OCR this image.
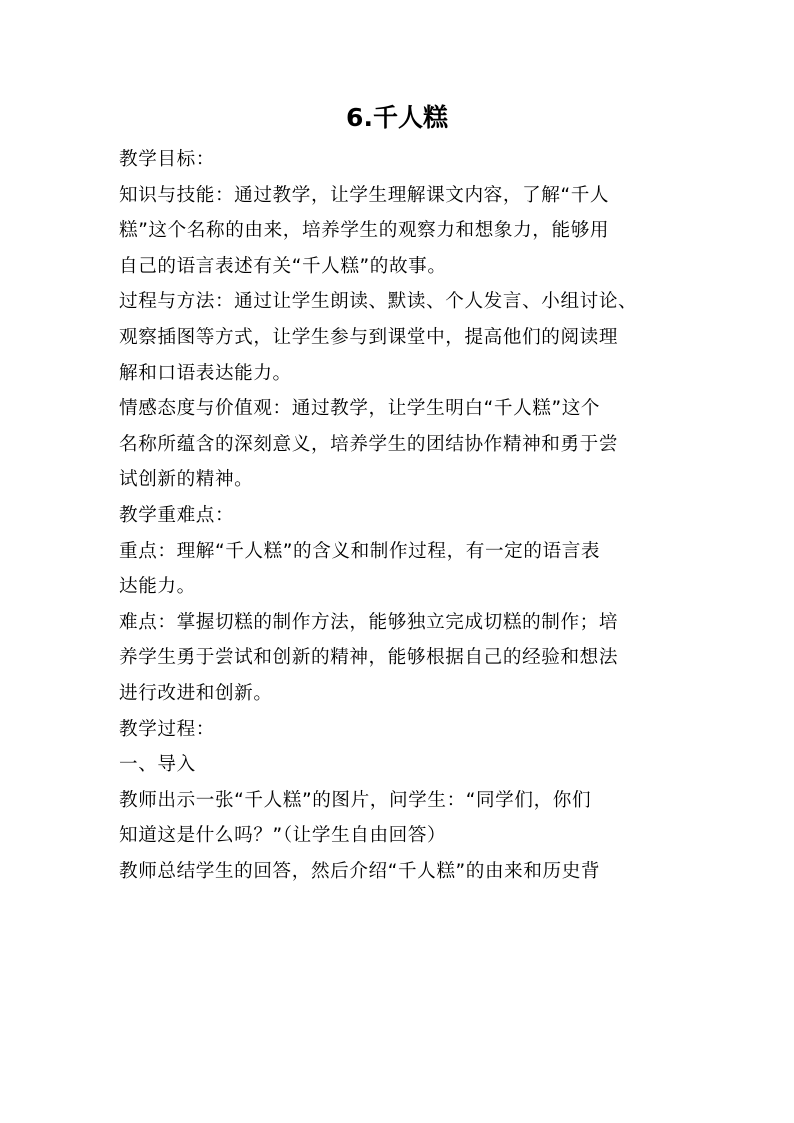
6.千人糕

教学目标：

知识与技能：通过教学，让学生理解课文内容，了解“千人

糕”这个名称的由来，培养学生的观察力和想象力，能够用

自己的语言表述有关“千人糕”的故事。

过程与方法：通过让学生朗读、默读、个人发言、小组讨论、

观察插图等方式，让学生参与到课堂中，提高他们的阅读理

解和口语表达能力。

情感态度与价值观：通过教学，让学生明白“千人糕”这个

名称所蕴含的深刻意义，培养学生的团结协作精神和勇于尝

试创新的精神。

教学重难点：

重点：理解“千人糕”的含义和制作过程，有一定的语言表

达能力。

难点：掌握切糕的制作方法，能够独立完成切糕的制作；培

养学生勇于尝试和创新的精神，能够根据自己的经验和想法

进行改进和创新。

教学过程：

一、导入

教师出示一张“千人糕”的图片，问学生：“同学们，你们

知道这是什么吗？”（让学生自由回答）

教师总结学生的回答，然后介绍“千人糕”的由来和历史背
